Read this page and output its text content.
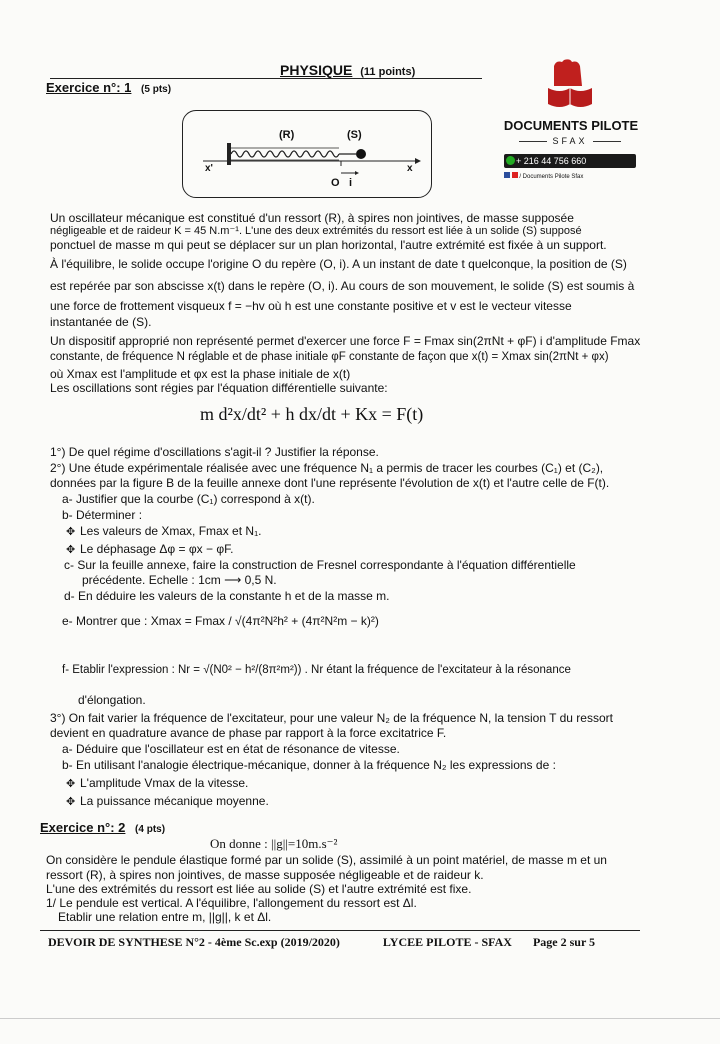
PHYSIQUE (11 points)
Exercice n°: 1 (5 pts)
DOCUMENTS PILOTE
SFAX
+ 216 44 756 660
/ Documents Pilote Sfax
(R)	(S)
x'	x
O i
Un oscillateur mécanique est constitué d'un ressort (R), à spires non jointives, de masse supposée
négligeable et de raideur K = 45 N.m⁻¹. L'une des deux extrémités du ressort est liée à un solide (S) supposé
ponctuel de masse m qui peut se déplacer sur un plan horizontal, l'autre extrémité est fixée à un support.
À l'équilibre, le solide occupe l'origine O du repère (O, i). A un instant de date t quelconque, la position de (S)
est repérée par son abscisse x(t) dans le repère (O, i). Au cours de son mouvement, le solide (S) est soumis à
une force de frottement visqueux f = −hv où h est une constante positive et v est le vecteur vitesse
instantanée de (S).
Un dispositif approprié non représenté permet d'exercer une force F = Fmax sin(2πNt + φF) i d'amplitude Fmax
constante, de fréquence N réglable et de phase initiale φF constante de façon que x(t) = Xmax sin(2πNt + φx)
où Xmax est l'amplitude et φx est la phase initiale de x(t)
Les oscillations sont régies par l'équation différentielle suivante:
m d²x/dt² + h dx/dt + Kx = F(t)
1°) De quel régime d'oscillations s'agit-il ? Justifier la réponse.
2°) Une étude expérimentale réalisée avec une fréquence N₁ a permis de tracer les courbes (C₁) et (C₂),
données par la figure B de la feuille annexe dont l'une représente l'évolution de x(t) et l'autre celle de F(t).
a- Justifier que la courbe (C₁) correspond à x(t).
b- Déterminer :
✥ Les valeurs de Xmax, Fmax et N₁.
✥ Le déphasage Δφ = φx − φF.
c- Sur la feuille annexe, faire la construction de Fresnel correspondante à l'équation différentielle
précédente. Echelle : 1cm ⟶ 0,5 N.
d- En déduire les valeurs de la constante h et de la masse m.
e- Montrer que : Xmax = Fmax / √(4π²N²h² + (4π²N²m − k)²)
f- Etablir l'expression : Nr = √(N0² − h²/(8π²m²)) . Nr étant la fréquence de l'excitateur à la résonance
d'élongation.
3°) On fait varier la fréquence de l'excitateur, pour une valeur N₂ de la fréquence N, la tension T du ressort
devient en quadrature avance de phase par rapport à la force excitatrice F.
a- Déduire que l'oscillateur est en état de résonance de vitesse.
b- En utilisant l'analogie électrique-mécanique, donner à la fréquence N₂ les expressions de :
✥ L'amplitude Vmax de la vitesse.
✥ La puissance mécanique moyenne.
Exercice n°: 2 (4 pts)
On donne : ||g||=10m.s⁻²
On considère le pendule élastique formé par un solide (S), assimilé à un point matériel, de masse m et un
ressort (R), à spires non jointives, de masse supposée négligeable et de raideur k.
L'une des extrémités du ressort est liée au solide (S) et l'autre extrémité est fixe.
1/ Le pendule est vertical. A l'équilibre, l'allongement du ressort est Δl.
Etablir une relation entre m, ||g||, k et Δl.
DEVOIR DE SYNTHESE N°2 - 4ème Sc.exp (2019/2020)	LYCEE PILOTE - SFAX Page 2 sur 5
